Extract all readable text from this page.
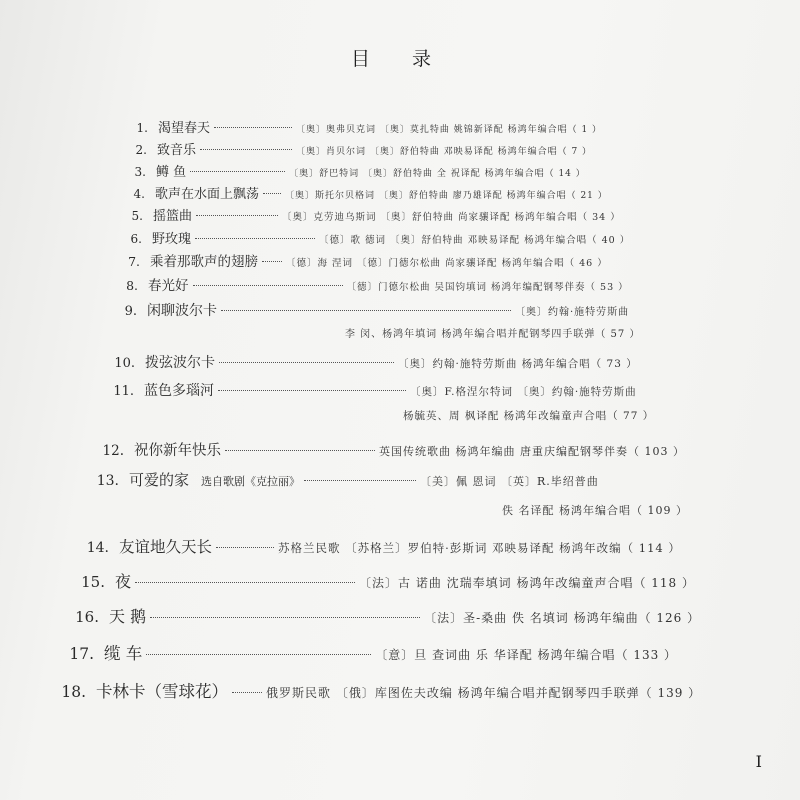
目 录
1. 渴望春天	〔奥〕奥弗贝克词 〔奥〕莫扎特曲 姚锦新译配 杨鸿年编合唱（ 1 ）
2. 致音乐	〔奥〕肖贝尔词 〔奥〕舒伯特曲 邓映易译配 杨鸿年编合唱（ 7 ）
3. 鳟 鱼	〔奥〕舒巴特词 〔奥〕舒伯特曲 全 祝译配 杨鸿年编合唱（ 14 ）
4. 歌声在水面上飘荡	〔奥〕斯托尔贝格词 〔奥〕舒伯特曲 廖乃雄译配 杨鸿年编合唱（ 21 ）
5. 摇篮曲	〔奥〕克劳迪乌斯词 〔奥〕舒伯特曲 尚家骧译配 杨鸿年编合唱（ 34 ）
6. 野玫瑰	〔德〕歌 德词 〔奥〕舒伯特曲 邓映易译配 杨鸿年编合唱（ 40 ）
7. 乘着那歌声的翅膀	〔德〕海 涅词 〔德〕门德尔松曲 尚家骧译配 杨鸿年编合唱（ 46 ）
8. 春光好	〔德〕门德尔松曲 吴国钧填词 杨鸿年编配钢琴伴奏（ 53 ）
9. 闲聊波尔卡	〔奥〕约翰·施特劳斯曲
李 闵、杨鸿年填词 杨鸿年编合唱并配钢琴四手联弹（ 57 ）
10. 拨弦波尔卡	〔奥〕约翰·施特劳斯曲 杨鸿年编合唱（ 73 ）
11. 蓝色多瑙河	〔奥〕F.格涅尔特词 〔奥〕约翰·施特劳斯曲
杨毓英、周 枫译配 杨鸿年改编童声合唱（ 77 ）
12. 祝你新年快乐	英国传统歌曲 杨鸿年编曲 唐重庆编配钢琴伴奏（ 103 ）
13. 可爱的家 选自歌剧《克拉丽》	〔美〕佩 恩词 〔英〕R.毕绍普曲
佚 名译配 杨鸿年编合唱（ 109 ）
14. 友谊地久天长	苏格兰民歌 〔苏格兰〕罗伯特·彭斯词 邓映易译配 杨鸿年改编（ 114 ）
15. 夜	〔法〕古 诺曲 沈瑞奉填词 杨鸿年改编童声合唱（ 118 ）
16. 天 鹅	〔法〕圣-桑曲 佚 名填词 杨鸿年编曲（ 126 ）
17. 缆 车	〔意〕旦 查词曲 乐 华译配 杨鸿年编合唱（ 133 ）
18. 卡林卡（雪球花）	俄罗斯民歌 〔俄〕库图佐夫改编 杨鸿年编合唱并配钢琴四手联弹（ 139 ）
I
